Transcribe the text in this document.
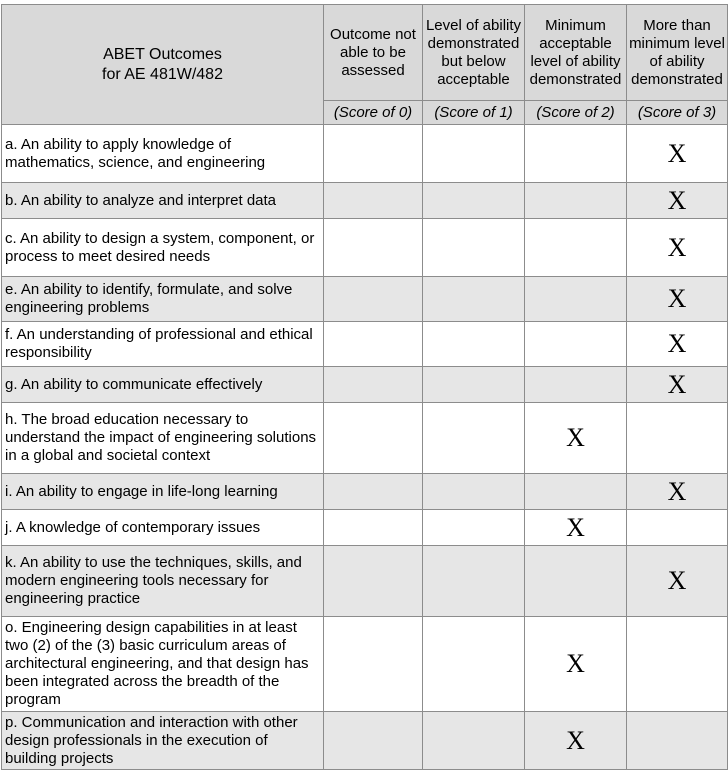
ABET Outcomes
for AE 481W/482	Outcome not able to be assessed	Level of ability demonstrated but below acceptable	Minimum acceptable level of ability demonstrated	More than minimum level of ability demonstrated
	(Score of 0)	(Score of 1)	(Score of 2)	(Score of 3)
a. An ability to apply knowledge of mathematics, science, and engineering				X
b. An ability to analyze and interpret data				X
c. An ability to design a system, component, or process to meet desired needs				X
e. An ability to identify, formulate, and solve engineering problems				X
f. An understanding of professional and ethical responsibility				X
g. An ability to communicate effectively				X
h. The broad education necessary to understand the impact of engineering solutions in a global and societal context			X	
i. An ability to engage in life-long learning				X
j. A knowledge of contemporary issues			X	
k. An ability to use the techniques, skills, and modern engineering tools necessary for engineering practice				X
o. Engineering design capabilities in at least two (2) of the (3) basic curriculum areas of architectural engineering, and that design has been integrated across the breadth of the program			X	
p. Communication and interaction with other design professionals in the execution of building projects			X	
